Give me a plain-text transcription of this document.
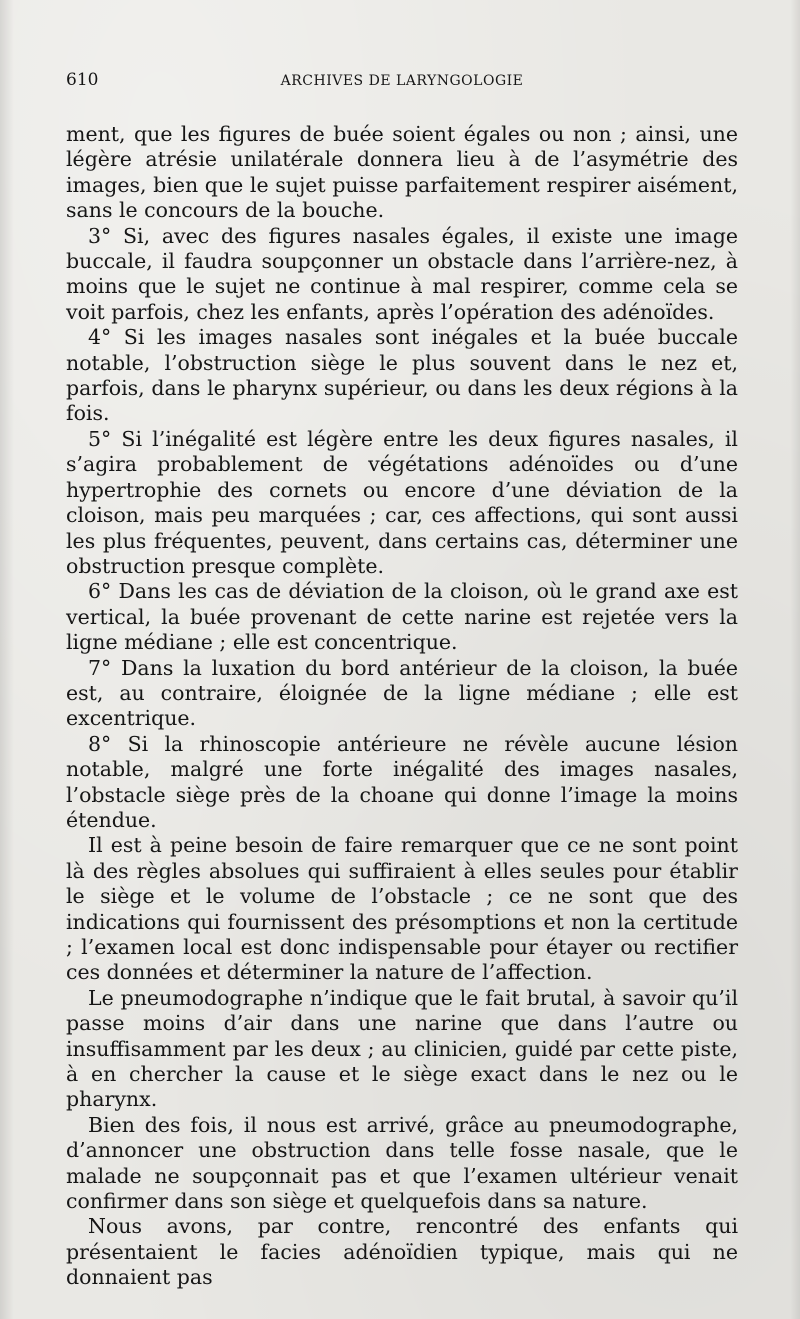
610	ARCHIVES DE LARYNGOLOGIE

ment, que les figures de buée soient égales ou non ; ainsi, une légère atrésie unilatérale donnera lieu à de l’asymétrie des images, bien que le sujet puisse parfaitement respirer aisément, sans le concours de la bouche.

3° Si, avec des figures nasales égales, il existe une image buccale, il faudra soupçonner un obstacle dans l’arrière-nez, à moins que le sujet ne continue à mal respirer, comme cela se voit parfois, chez les enfants, après l’opération des adénoïdes.

4° Si les images nasales sont inégales et la buée buccale notable, l’obstruction siège le plus souvent dans le nez et, parfois, dans le pharynx supérieur, ou dans les deux régions à la fois.

5° Si l’inégalité est légère entre les deux figures nasales, il s’agira probablement de végétations adénoïdes ou d’une hypertrophie des cornets ou encore d’une déviation de la cloison, mais peu marquées ; car, ces affections, qui sont aussi les plus fréquentes, peuvent, dans certains cas, déterminer une obstruction presque complète.

6° Dans les cas de déviation de la cloison, où le grand axe est vertical, la buée provenant de cette narine est rejetée vers la ligne médiane ; elle est concentrique.

7° Dans la luxation du bord antérieur de la cloison, la buée est, au contraire, éloignée de la ligne médiane ; elle est excentrique.

8° Si la rhinoscopie antérieure ne révèle aucune lésion notable, malgré une forte inégalité des images nasales, l’obstacle siège près de la choane qui donne l’image la moins étendue.

Il est à peine besoin de faire remarquer que ce ne sont point là des règles absolues qui suffiraient à elles seules pour établir le siège et le volume de l’obstacle ; ce ne sont que des indications qui fournissent des présomptions et non la certitude ; l’examen local est donc indispensable pour étayer ou rectifier ces données et déterminer la nature de l’affection.

Le pneumodographe n’indique que le fait brutal, à savoir qu’il passe moins d’air dans une narine que dans l’autre ou insuffisamment par les deux ; au clinicien, guidé par cette piste, à en chercher la cause et le siège exact dans le nez ou le pharynx.

Bien des fois, il nous est arrivé, grâce au pneumodographe, d’annoncer une obstruction dans telle fosse nasale, que le malade ne soupçonnait pas et que l’examen ultérieur venait confirmer dans son siège et quelquefois dans sa nature.

Nous avons, par contre, rencontré des enfants qui présentaient le facies adénoïdien typique, mais qui ne donnaient pas
